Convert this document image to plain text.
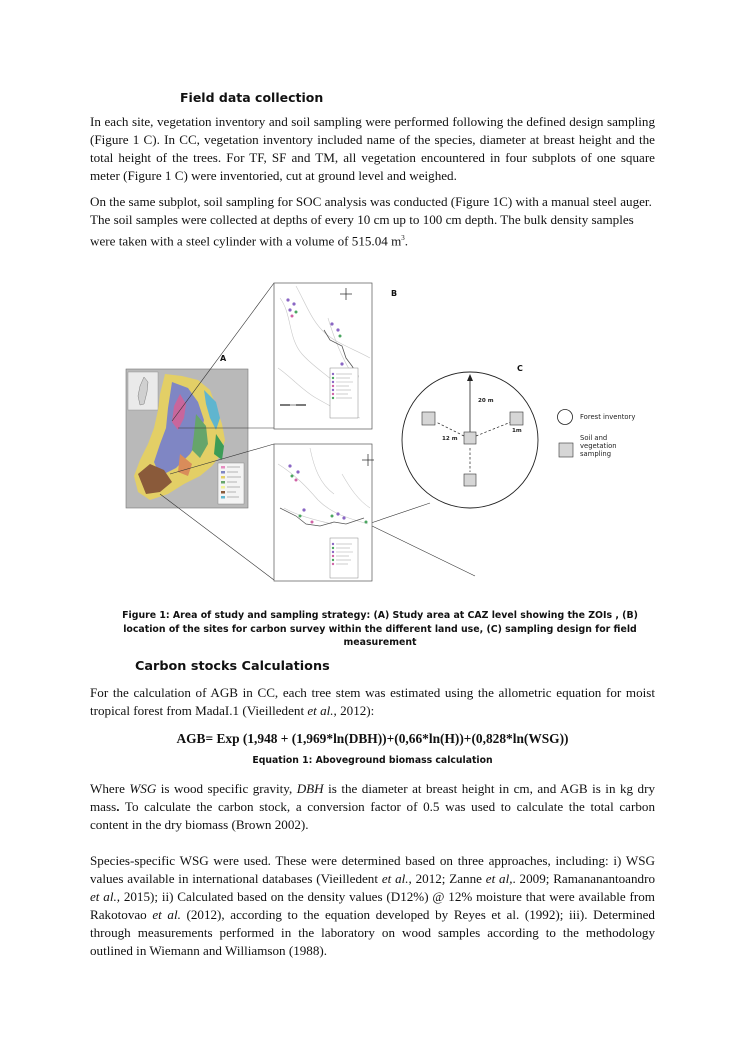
Field data collection

In each site, vegetation inventory and soil sampling were performed following the defined design sampling (Figure 1 C). In CC, vegetation inventory included name of the species, diameter at breast height and the total height of the trees. For TF, SF and TM, all vegetation encountered in four subplots of one square meter (Figure 1 C) were inventoried, cut at ground level and weighed.

On the same subplot, soil sampling for SOC analysis was conducted (Figure 1C) with a manual steel auger. The soil samples were collected at depths of every 10 cm up to 100 cm depth. The bulk density samples were taken with a steel cylinder with a volume of 515.04 $m^3$.

A
B
C
20 m
12 m
1m
Forest inventory
Soil and vegetation sampling
Figure 1: Area of study and sampling strategy: (A) Study area at CAZ level showing the ZOIs , (B) location of the sites for carbon survey within the different land use, (C) sampling design for field measurement
Carbon stocks Calculations

For the calculation of AGB in CC, each tree stem was estimated using the allometric equation for moist tropical forest from MadaI.1 (Vieilledent et al., 2012):

AGB= Exp (1,948 + (1,969*ln(DBH))+(0,66*ln(H))+(0,828*ln(WSG))
Equation 1: Aboveground biomass calculation

Where WSG is wood specific gravity, DBH is the diameter at breast height in cm, and AGB is in kg dry mass. To calculate the carbon stock, a conversion factor of 0.5 was used to calculate the total carbon content in the dry biomass (Brown 2002).

Species-specific WSG were used. These were determined based on three approaches, including: i) WSG values available in international databases (Vieilledent et al., 2012; Zanne et al,. 2009; Ramananantoandro et al., 2015); ii) Calculated based on the density values (D12%) @ 12% moisture that were available from Rakotovao et al. (2012), according to the equation developed by Reyes et al. (1992); iii). Determined through measurements performed in the laboratory on wood samples according to the methodology outlined in Wiemann and Williamson (1988).
